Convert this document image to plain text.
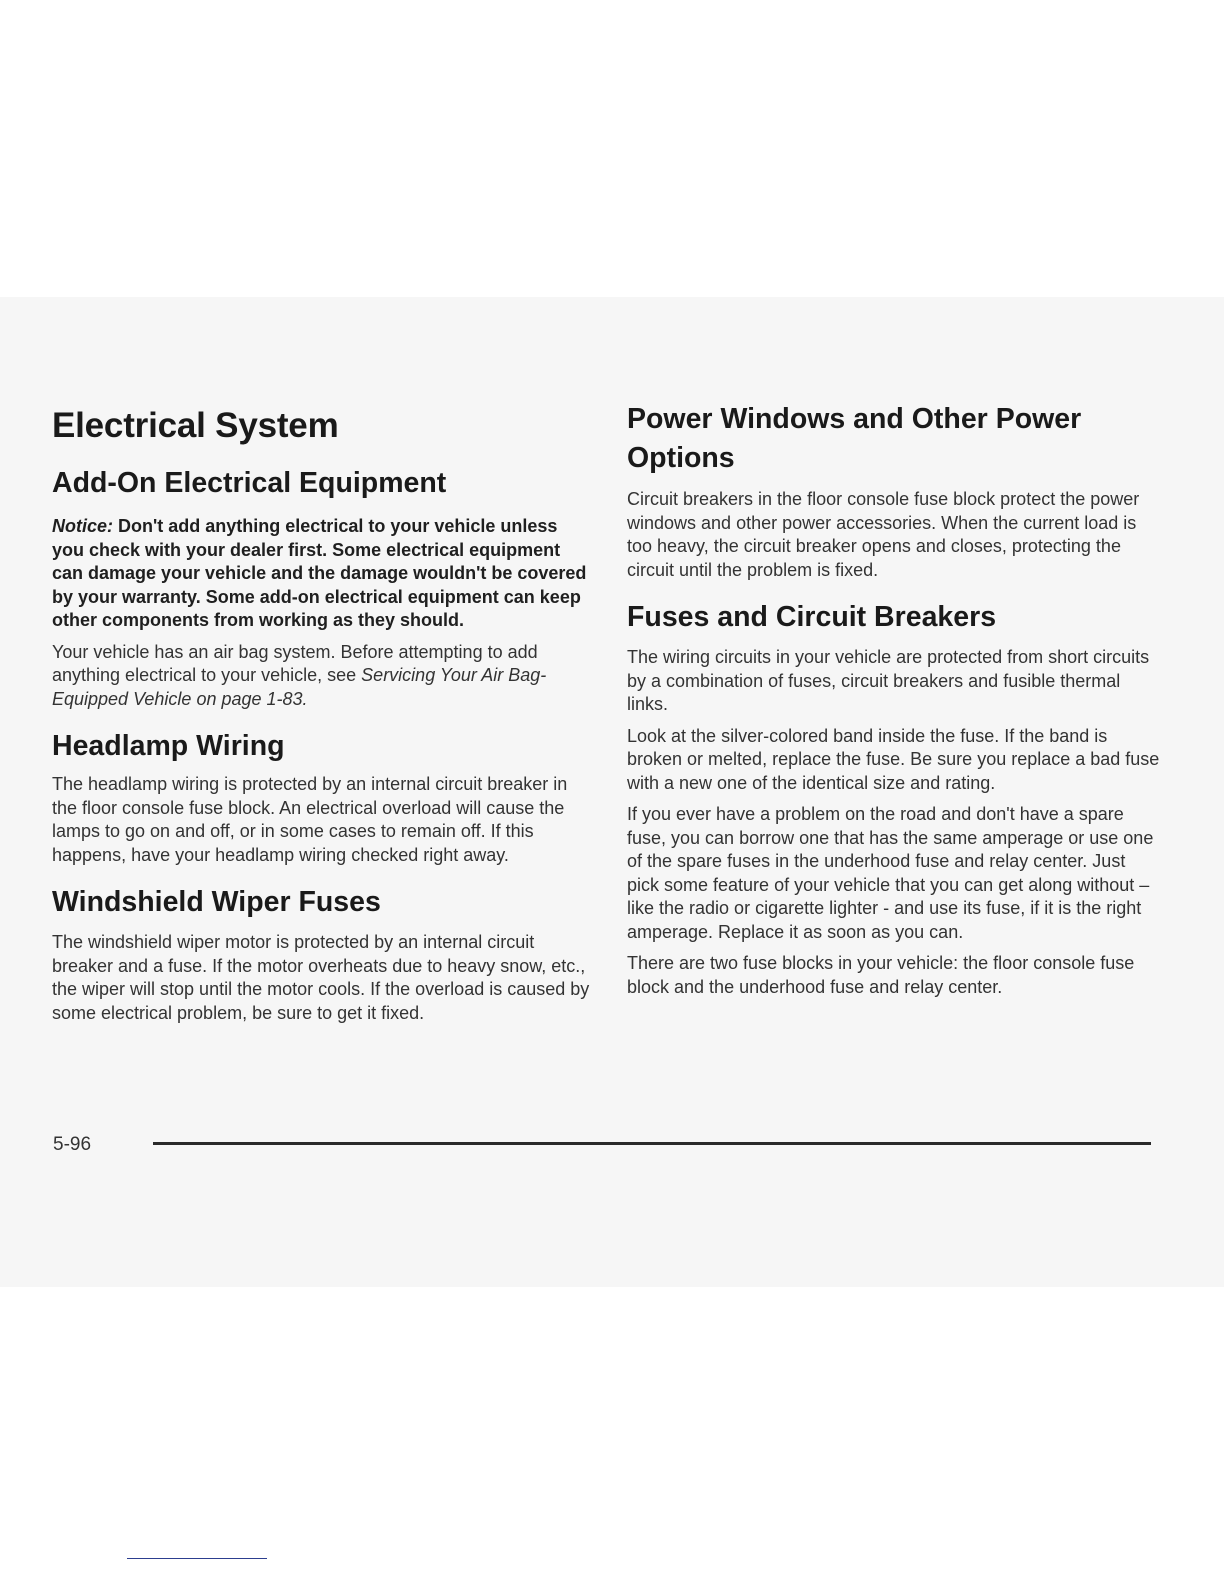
Electrical System
Add-On Electrical Equipment

Notice: Don't add anything electrical to your vehicle unless you check with your dealer first. Some electrical equipment can damage your vehicle and the damage wouldn't be covered by your warranty. Some add-on electrical equipment can keep other components from working as they should.

Your vehicle has an air bag system. Before attempting to add anything electrical to your vehicle, see Servicing Your Air Bag-Equipped Vehicle on page 1-83.

Headlamp Wiring

The headlamp wiring is protected by an internal circuit breaker in the floor console fuse block. An electrical overload will cause the lamps to go on and off, or in some cases to remain off. If this happens, have your headlamp wiring checked right away.

Windshield Wiper Fuses

The windshield wiper motor is protected by an internal circuit breaker and a fuse. If the motor overheats due to heavy snow, etc., the wiper will stop until the motor cools. If the overload is caused by some electrical problem, be sure to get it fixed.

Power Windows and Other Power Options

Circuit breakers in the floor console fuse block protect the power windows and other power accessories. When the current load is too heavy, the circuit breaker opens and closes, protecting the circuit until the problem is fixed.

Fuses and Circuit Breakers

The wiring circuits in your vehicle are protected from short circuits by a combination of fuses, circuit breakers and fusible thermal links.

Look at the silver-colored band inside the fuse. If the band is broken or melted, replace the fuse. Be sure you replace a bad fuse with a new one of the identical size and rating.

If you ever have a problem on the road and don't have a spare fuse, you can borrow one that has the same amperage or use one of the spare fuses in the underhood fuse and relay center. Just pick some feature of your vehicle that you can get along without – like the radio or cigarette lighter - and use its fuse, if it is the right amperage. Replace it as soon as you can.

There are two fuse blocks in your vehicle: the floor console fuse block and the underhood fuse and relay center.

5-96
